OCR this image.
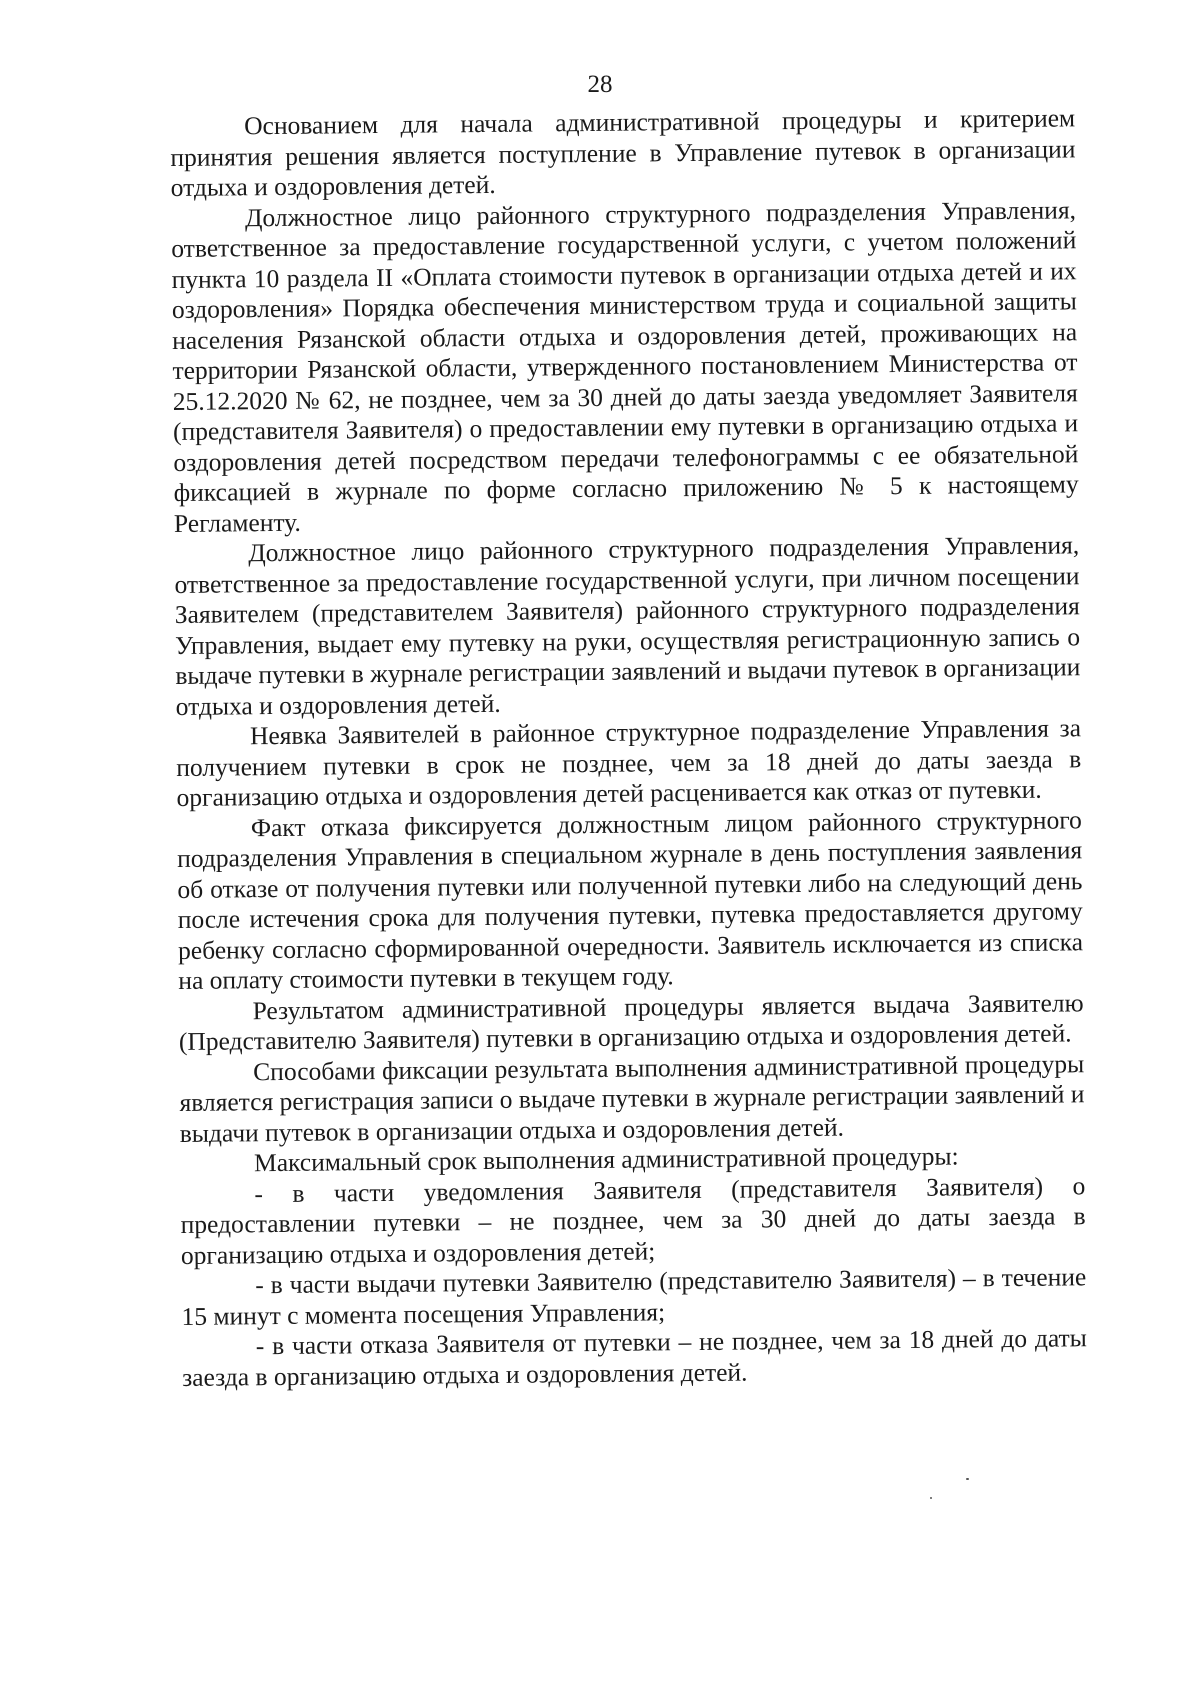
28

Основанием для начала административной процедуры и критерием принятия решения является поступление в Управление путевок в организации отдыха и оздоровления детей.

Должностное лицо районного структурного подразделения Управления, ответственное за предоставление государственной услуги, с учетом положений пункта 10 раздела II «Оплата стоимости путевок в организации отдыха детей и их оздоровления» Порядка обеспечения министерством труда и социальной защиты населения Рязанской области отдыха и оздоровления детей, проживающих на территории Рязанской области, утвержденного постановлением Министерства от 25.12.2020 № 62, не позднее, чем за 30 дней до даты заезда уведомляет Заявителя (представителя Заявителя) о предоставлении ему путевки в организацию отдыха и оздоровления детей посредством передачи телефонограммы с ее обязательной фиксацией в журнале по форме согласно приложению № 5 к настоящему Регламенту.

Должностное лицо районного структурного подразделения Управления, ответственное за предоставление государственной услуги, при личном посещении Заявителем (представителем Заявителя) районного структурного подразделения Управления, выдает ему путевку на руки, осуществляя регистрационную запись о выдаче путевки в журнале регистрации заявлений и выдачи путевок в организации отдыха и оздоровления детей.

Неявка Заявителей в районное структурное подразделение Управления за получением путевки в срок не позднее, чем за 18 дней до даты заезда в организацию отдыха и оздоровления детей расценивается как отказ от путевки.

Факт отказа фиксируется должностным лицом районного структурного подразделения Управления в специальном журнале в день поступления заявления об отказе от получения путевки или полученной путевки либо на следующий день после истечения срока для получения путевки, путевка предоставляется другому ребенку согласно сформированной очередности. Заявитель исключается из списка на оплату стоимости путевки в текущем году.

Результатом административной процедуры является выдача Заявителю (Представителю Заявителя) путевки в организацию отдыха и оздоровления детей.

Способами фиксации результата выполнения административной процедуры является регистрация записи о выдаче путевки в журнале регистрации заявлений и выдачи путевок в организации отдыха и оздоровления детей.

Максимальный срок выполнения административной процедуры:

- в части уведомления Заявителя (представителя Заявителя) о предоставлении путевки – не позднее, чем за 30 дней до даты заезда в организацию отдыха и оздоровления детей;

- в части выдачи путевки Заявителю (представителю Заявителя) – в течение 15 минут с момента посещения Управления;

- в части отказа Заявителя от путевки – не позднее, чем за 18 дней до даты заезда в организацию отдыха и оздоровления детей.
